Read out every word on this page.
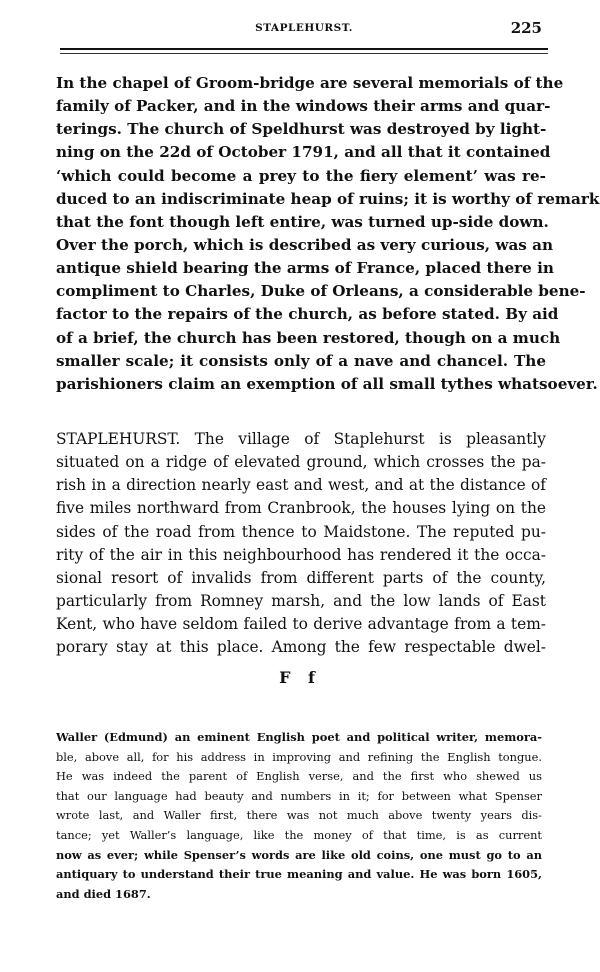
STAPLEHURST.	225
In the chapel of Groom-bridge are several memorials of the
family of Packer, and in the windows their arms and quar-
terings. The church of Speldhurst was destroyed by light-
ning on the 22d of October 1791, and all that it contained
‘which could become a prey to the fiery element’ was re-
duced to an indiscriminate heap of ruins; it is worthy of remark
that the font though left entire, was turned up-side down.
Over the porch, which is described as very curious, was an
antique shield bearing the arms of France, placed there in
compliment to Charles, Duke of Orleans, a considerable bene-
factor to the repairs of the church, as before stated. By aid
of a brief, the church has been restored, though on a much
smaller scale; it consists only of a nave and chancel. The
parishioners claim an exemption of all small tythes whatsoever.
STAPLEHURST. The village of Staplehurst is pleasantly
situated on a ridge of elevated ground, which crosses the pa-
rish in a direction nearly east and west, and at the distance of
five miles northward from Cranbrook, the houses lying on the
sides of the road from thence to Maidstone. The reputed pu-
rity of the air in this neighbourhood has rendered it the occa-
sional resort of invalids from different parts of the county,
particularly from Romney marsh, and the low lands of East
Kent, who have seldom failed to derive advantage from a tem-
porary stay at this place. Among the few respectable dwel-
F f
Waller (Edmund) an eminent English poet and political writer, memora-
ble, above all, for his address in improving and refining the English tongue.
He was indeed the parent of English verse, and the first who shewed us
that our language had beauty and numbers in it; for between what Spenser
wrote last, and Waller first, there was not much above twenty years dis-
tance; yet Waller’s language, like the money of that time, is as current
now as ever; while Spenser’s words are like old coins, one must go to an
antiquary to understand their true meaning and value. He was born 1605,
and died 1687.
